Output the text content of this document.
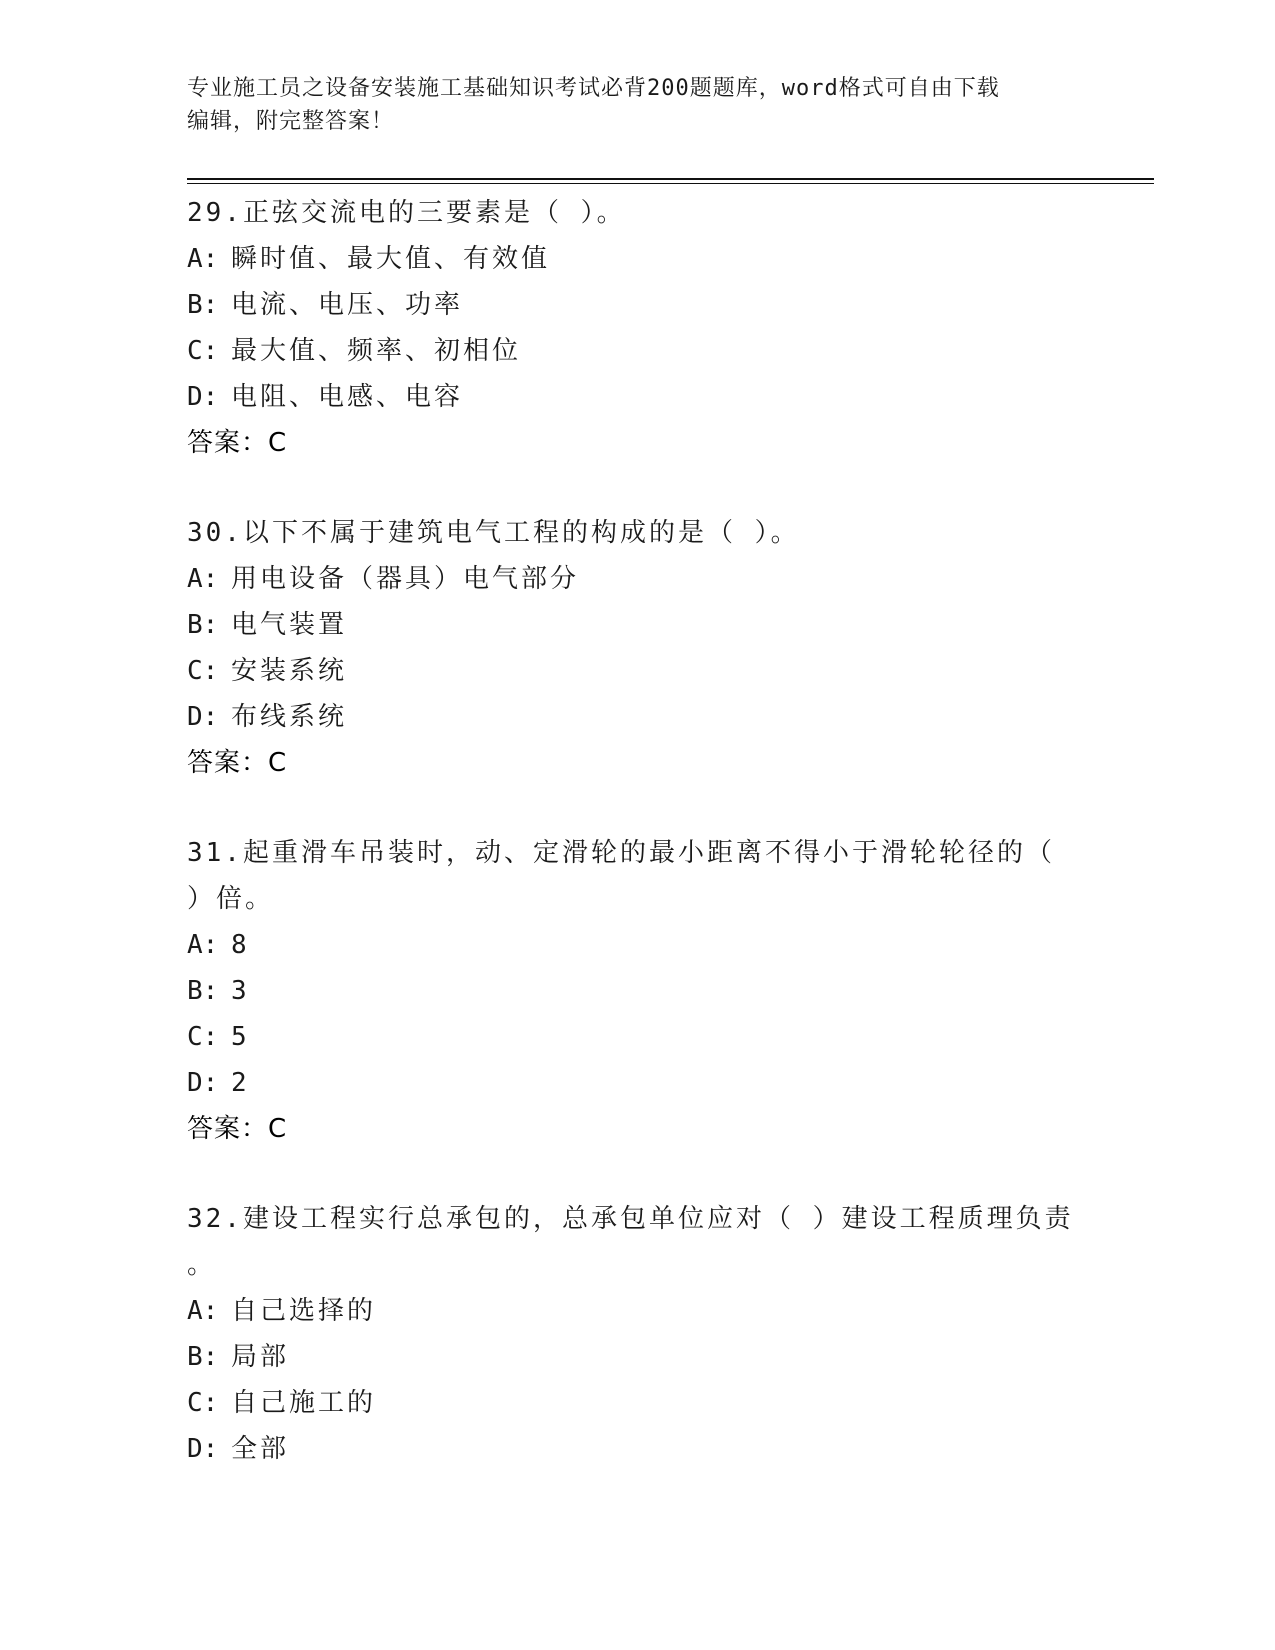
专业施工员之设备安装施工基础知识考试必背200题题库，word格式可自由下载
编辑，附完整答案！
29.正弦交流电的三要素是（ ）。
A: 瞬时值、最大值、有效值
B: 电流、电压、功率
C: 最大值、频率、初相位
D: 电阻、电感、电容
答案：C
30.以下不属于建筑电气工程的构成的是（ ）。
A: 用电设备（器具）电气部分
B: 电气装置
C: 安装系统
D: 布线系统
答案：C
31.起重滑车吊装时，动、定滑轮的最小距离不得小于滑轮轮径的（
）倍。
A: 8
B: 3
C: 5
D: 2
答案：C
32.建设工程实行总承包的，总承包单位应对（ ）建设工程质理负责
。
A: 自己选择的
B: 局部
C: 自己施工的
D: 全部
